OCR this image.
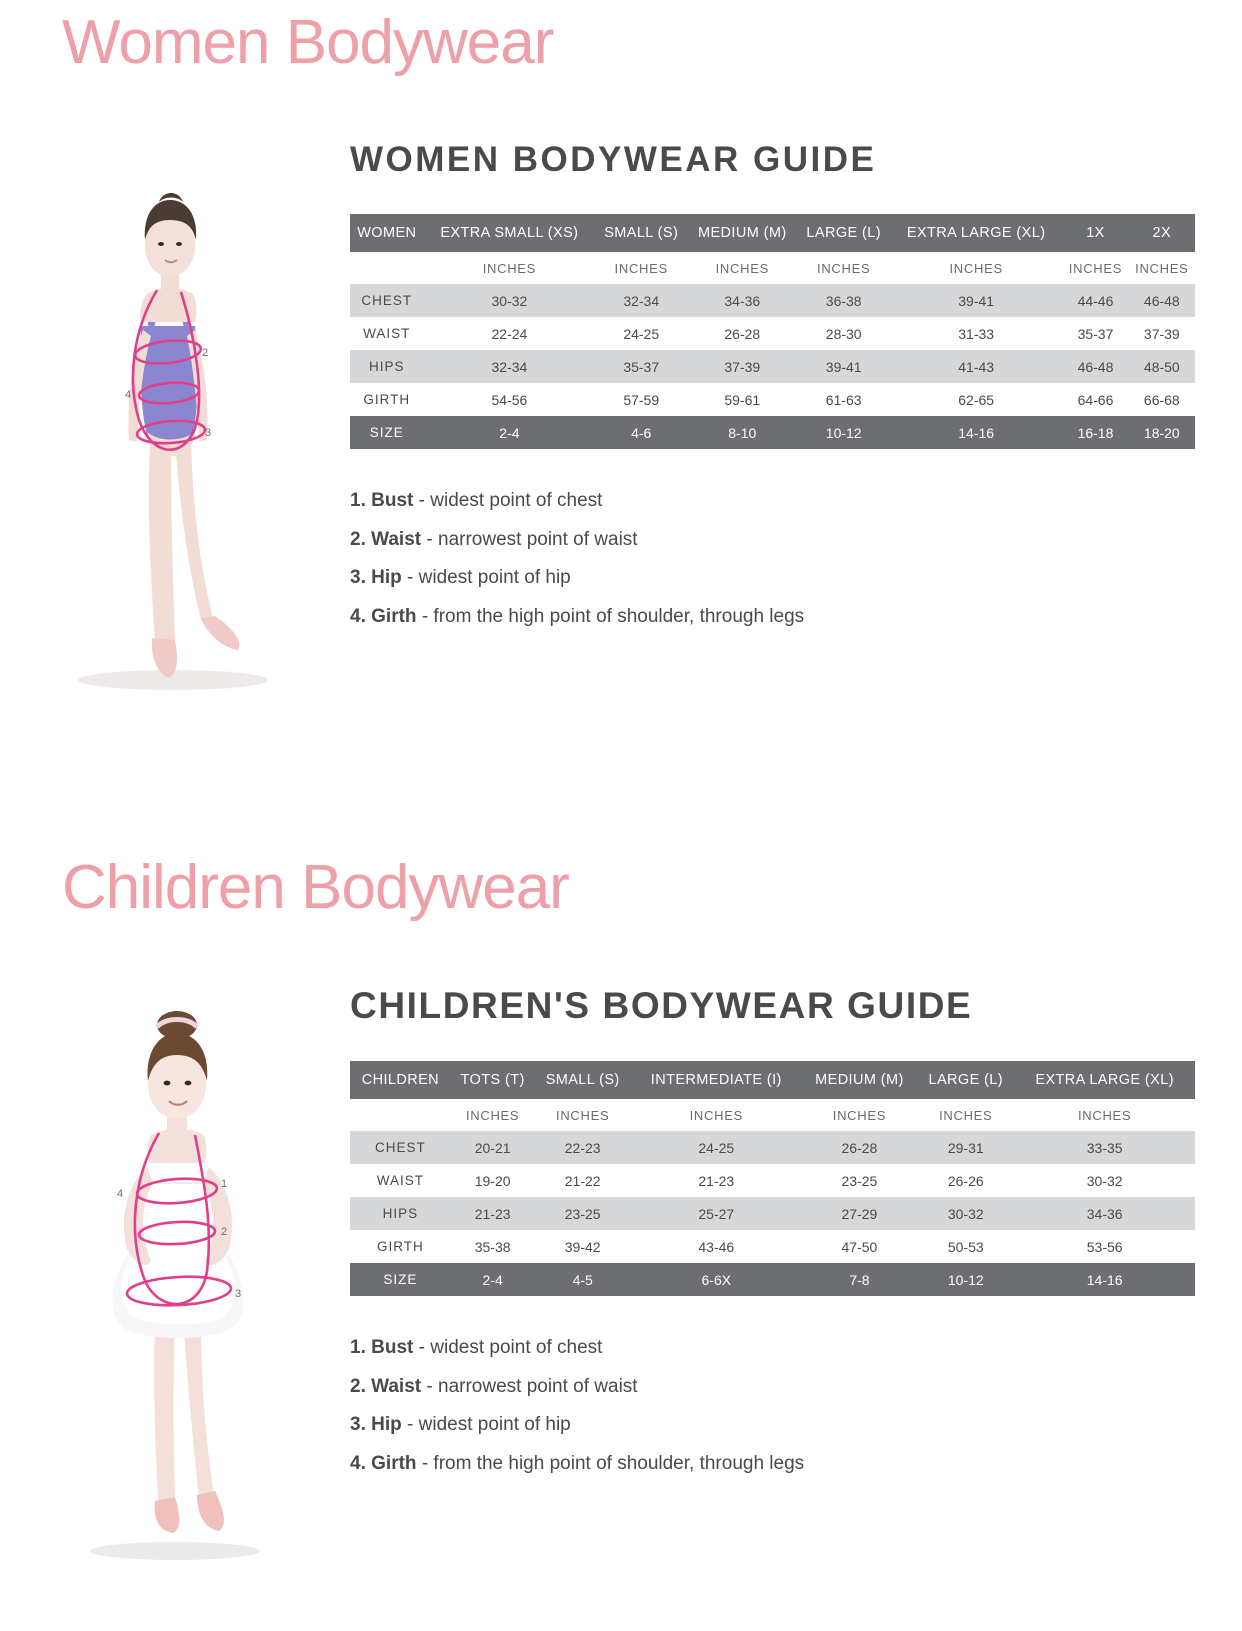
Women Bodywear
2
4
3
WOMEN BODYWEAR GUIDE
WOMEN	EXTRA SMALL (XS)	SMALL (S)	MEDIUM (M)	LARGE (L)	EXTRA LARGE (XL)	1X	2X
	INCHES	INCHES	INCHES	INCHES	INCHES	INCHES	INCHES
CHEST	30-32	32-34	34-36	36-38	39-41	44-46	46-48
WAIST	22-24	24-25	26-28	28-30	31-33	35-37	37-39
HIPS	32-34	35-37	37-39	39-41	41-43	46-48	48-50
GIRTH	54-56	57-59	59-61	61-63	62-65	64-66	66-68
SIZE	2-4	4-6	8-10	10-12	14-16	16-18	18-20
1. Bust - widest point of chest
2. Waist - narrowest point of waist
3. Hip - widest point of hip
4. Girth - from the high point of shoulder, through legs
Children Bodywear
1
2
3
4
CHILDREN'S BODYWEAR GUIDE
CHILDREN	TOTS (T)	SMALL (S)	INTERMEDIATE (I)	MEDIUM (M)	LARGE (L)	EXTRA LARGE (XL)
	INCHES	INCHES	INCHES	INCHES	INCHES	INCHES
CHEST	20-21	22-23	24-25	26-28	29-31	33-35
WAIST	19-20	21-22	21-23	23-25	26-26	30-32
HIPS	21-23	23-25	25-27	27-29	30-32	34-36
GIRTH	35-38	39-42	43-46	47-50	50-53	53-56
SIZE	2-4	4-5	6-6X	7-8	10-12	14-16
1. Bust - widest point of chest
2. Waist - narrowest point of waist
3. Hip - widest point of hip
4. Girth - from the high point of shoulder, through legs
